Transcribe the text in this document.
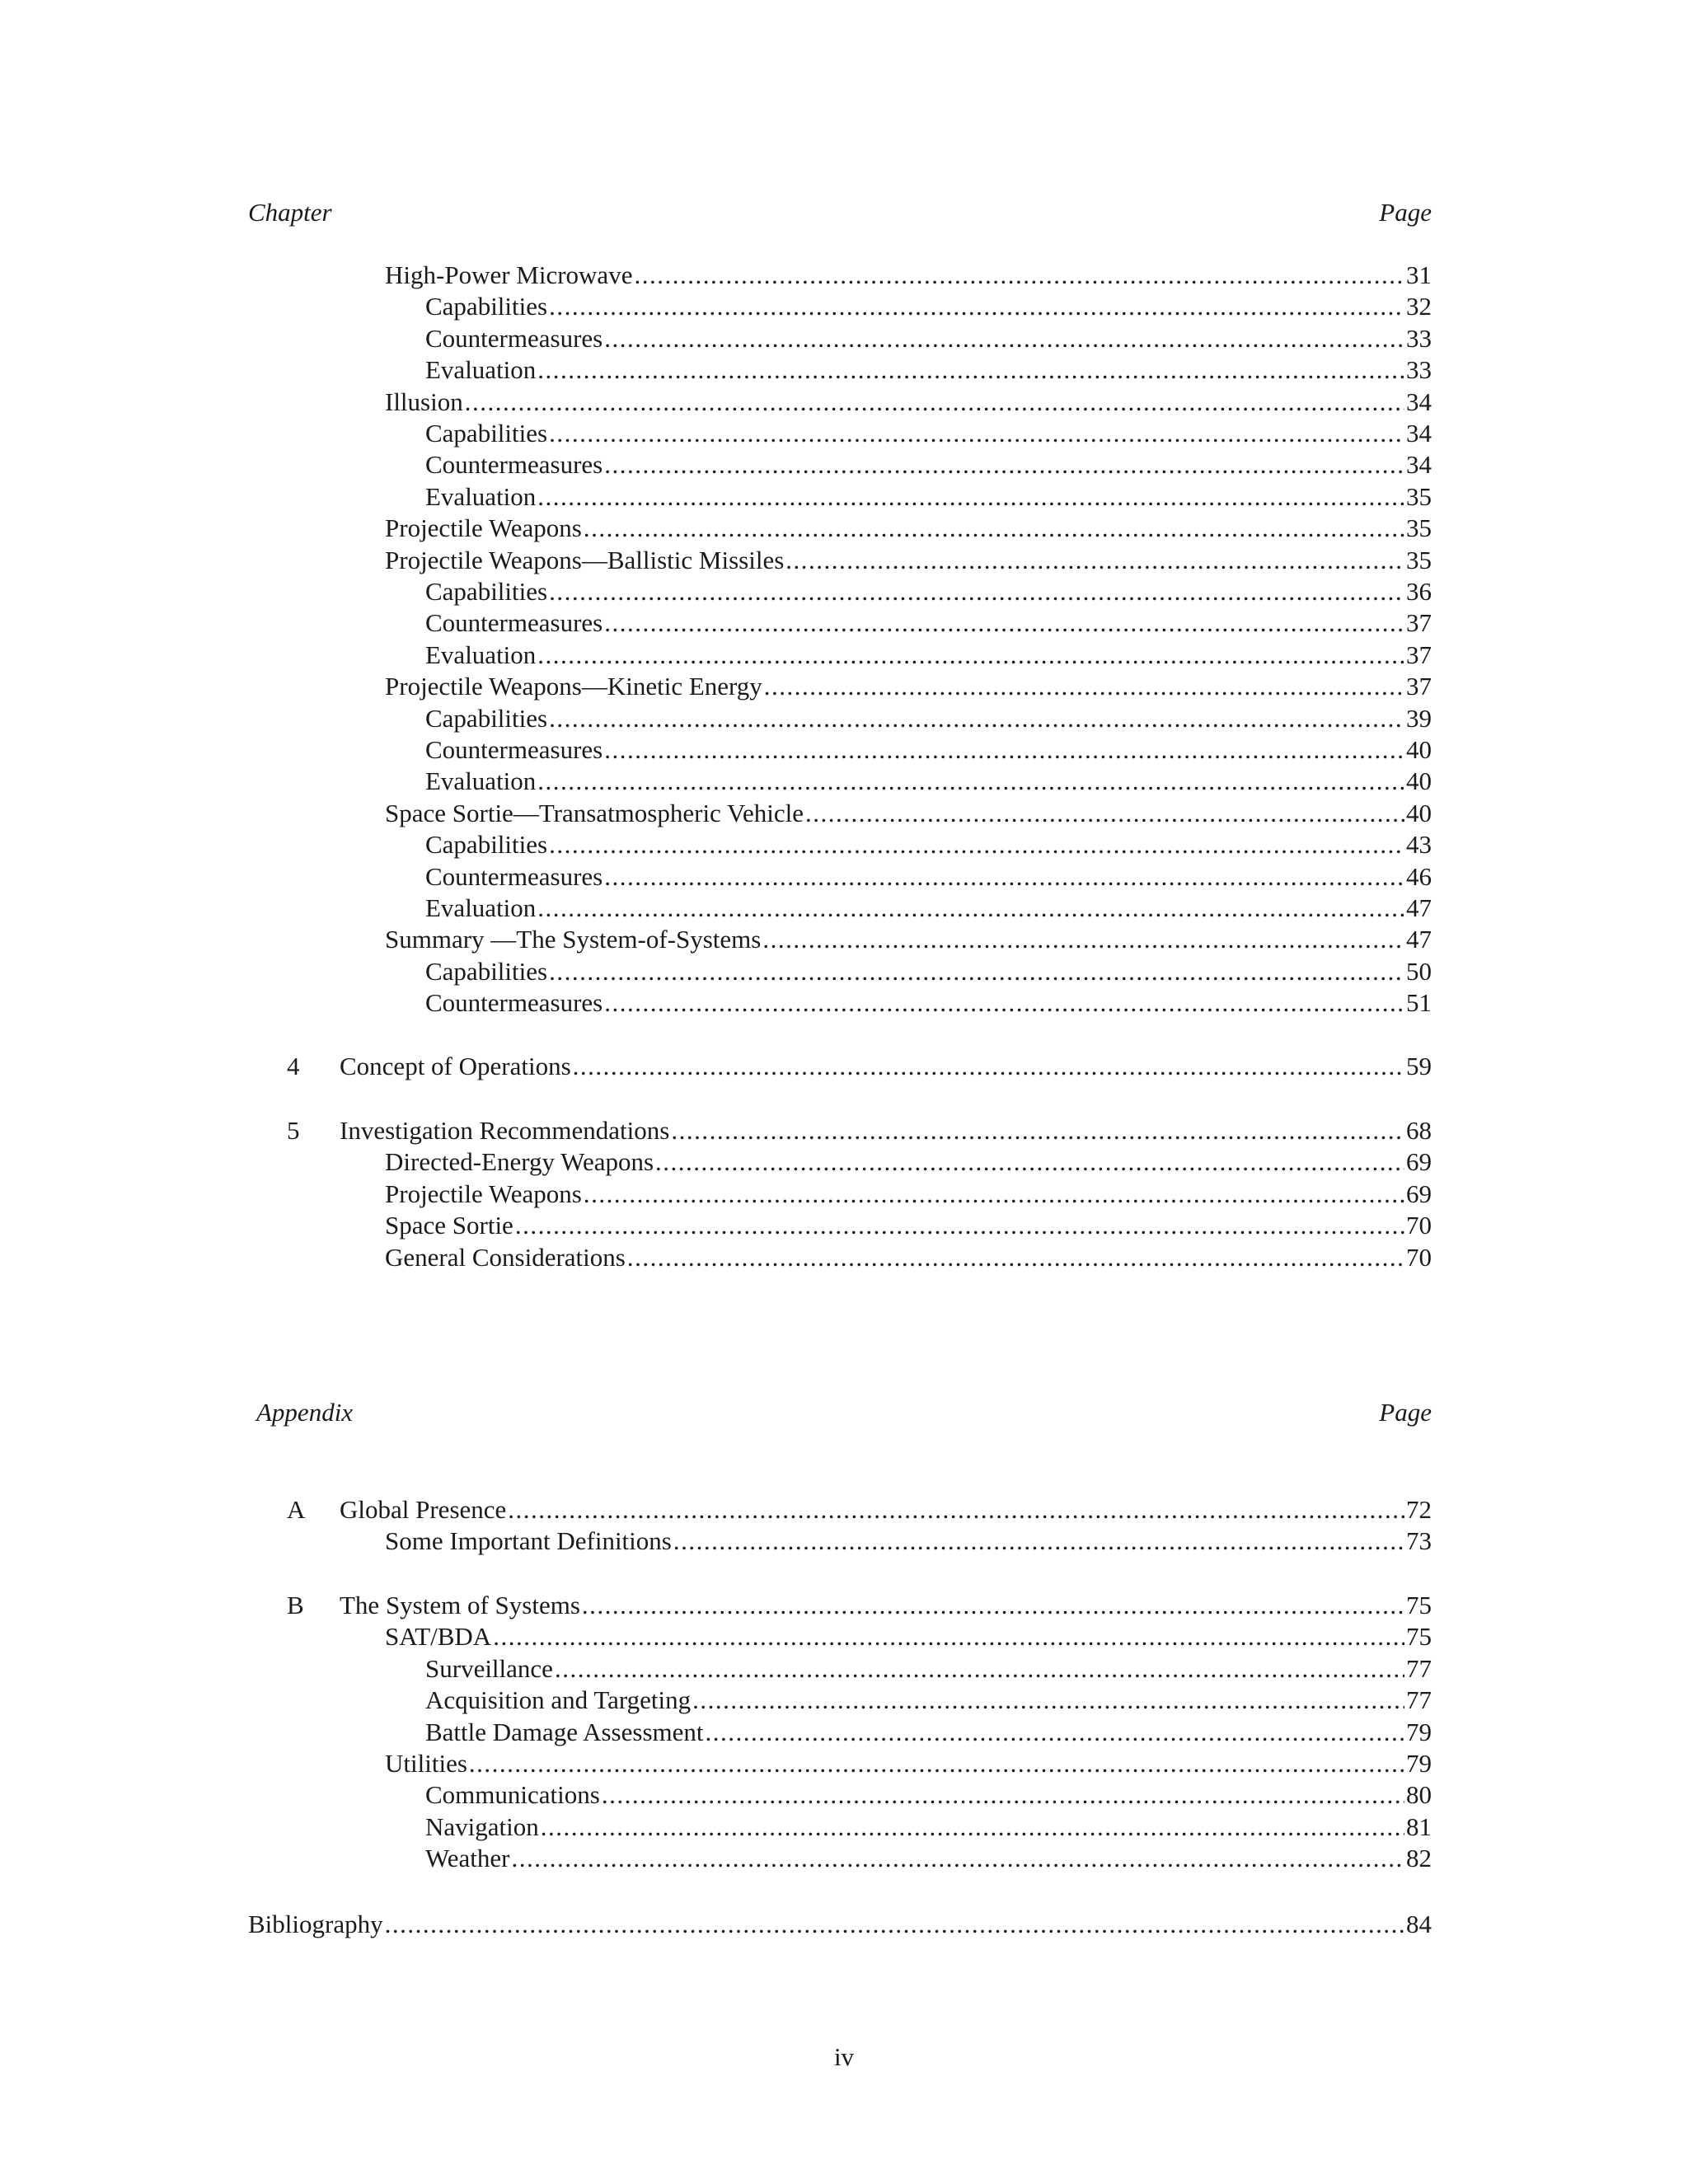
Chapter	Page
High-Power Microwave .....	31
Capabilities .....	32
Countermeasures .....	33
Evaluation .....	33
Illusion .....	34
Capabilities .....	34
Countermeasures .....	34
Evaluation .....	35
Projectile Weapons .....	35
Projectile Weapons—Ballistic Missiles .....	35
Capabilities .....	36
Countermeasures .....	37
Evaluation .....	37
Projectile Weapons—Kinetic Energy .....	37
Capabilities .....	39
Countermeasures .....	40
Evaluation .....	40
Space Sortie—Transatmospheric Vehicle .....	40
Capabilities .....	43
Countermeasures .....	46
Evaluation .....	47
Summary —The System-of-Systems .....	47
Capabilities .....	50
Countermeasures .....	51
4 Concept of Operations .....	59
5 Investigation Recommendations .....	68
Directed-Energy Weapons .....	69
Projectile Weapons .....	69
Space Sortie .....	70
General Considerations .....	70
Appendix	Page
A Global Presence .....	72
Some Important Definitions .....	73
B The System of Systems .....	75
SAT/BDA .....	75
Surveillance .....	77
Acquisition and Targeting .....	77
Battle Damage Assessment .....	79
Utilities .....	79
Communications .....	80
Navigation .....	81
Weather .....	82
Bibliography .....	84
iv
